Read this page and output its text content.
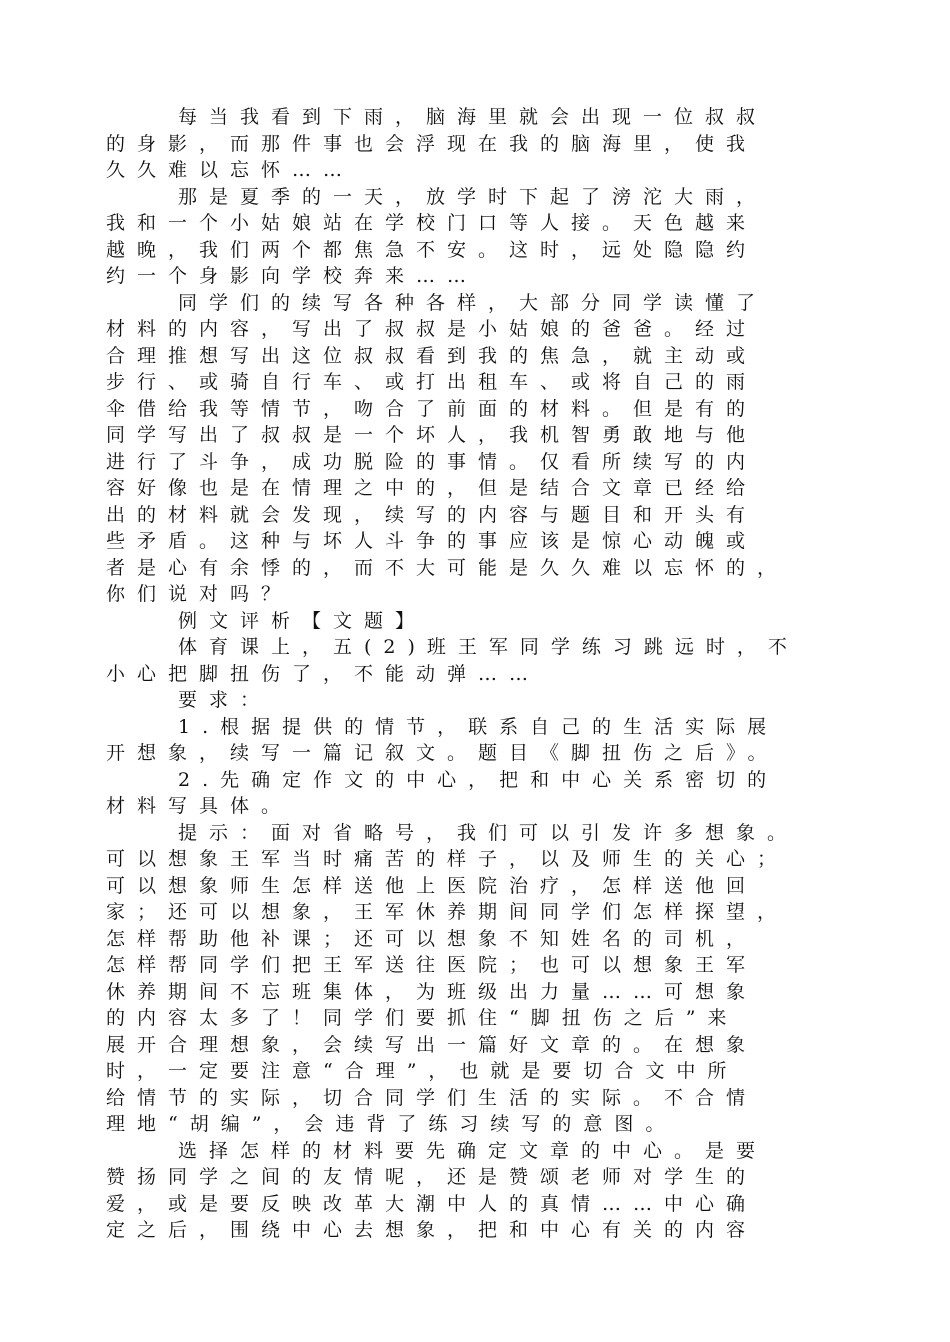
每当我看到下雨，脑海里就会出现一位叔叔
的身影，而那件事也会浮现在我的脑海里，使我
久久难以忘怀……
那是夏季的一天，放学时下起了滂沱大雨，
我和一个小姑娘站在学校门口等人接。天色越来
越晚，我们两个都焦急不安。这时，远处隐隐约
约一个身影向学校奔来……
同学们的续写各种各样，大部分同学读懂了
材料的内容，写出了叔叔是小姑娘的爸爸。经过
合理推想写出这位叔叔看到我的焦急，就主动或
步行、或骑自行车、或打出租车、或将自己的雨
伞借给我等情节，吻合了前面的材料。但是有的
同学写出了叔叔是一个坏人，我机智勇敢地与他
进行了斗争，成功脱险的事情。仅看所续写的内
容好像也是在情理之中的，但是结合文章已经给
出的材料就会发现，续写的内容与题目和开头有
些矛盾。这种与坏人斗争的事应该是惊心动魄或
者是心有余悸的，而不大可能是久久难以忘怀的，
你们说对吗？
例文评析【文题】
体育课上，五(2)班王军同学练习跳远时，不
小心把脚扭伤了，不能动弹……
要求：
1.根据提供的情节，联系自己的生活实际展
开想象，续写一篇记叙文。题目《脚扭伤之后》。
2.先确定作文的中心，把和中心关系密切的
材料写具体。
提示：面对省略号，我们可以引发许多想象。
可以想象王军当时痛苦的样子，以及师生的关心；
可以想象师生怎样送他上医院治疗，怎样送他回
家；还可以想象，王军休养期间同学们怎样探望，
怎样帮助他补课；还可以想象不知姓名的司机，
怎样帮同学们把王军送往医院；也可以想象王军
休养期间不忘班集体，为班级出力量……可想象
的内容太多了！同学们要抓住“脚扭伤之后”来
展开合理想象，会续写出一篇好文章的。在想象
时，一定要注意“合理”，也就是要切合文中所
给情节的实际，切合同学们生活的实际。不合情
理地“胡编”，会违背了练习续写的意图。
选择怎样的材料要先确定文章的中心。是要
赞扬同学之间的友情呢，还是赞颂老师对学生的
爱，或是要反映改革大潮中人的真情……中心确
定之后，围绕中心去想象，把和中心有关的内容
